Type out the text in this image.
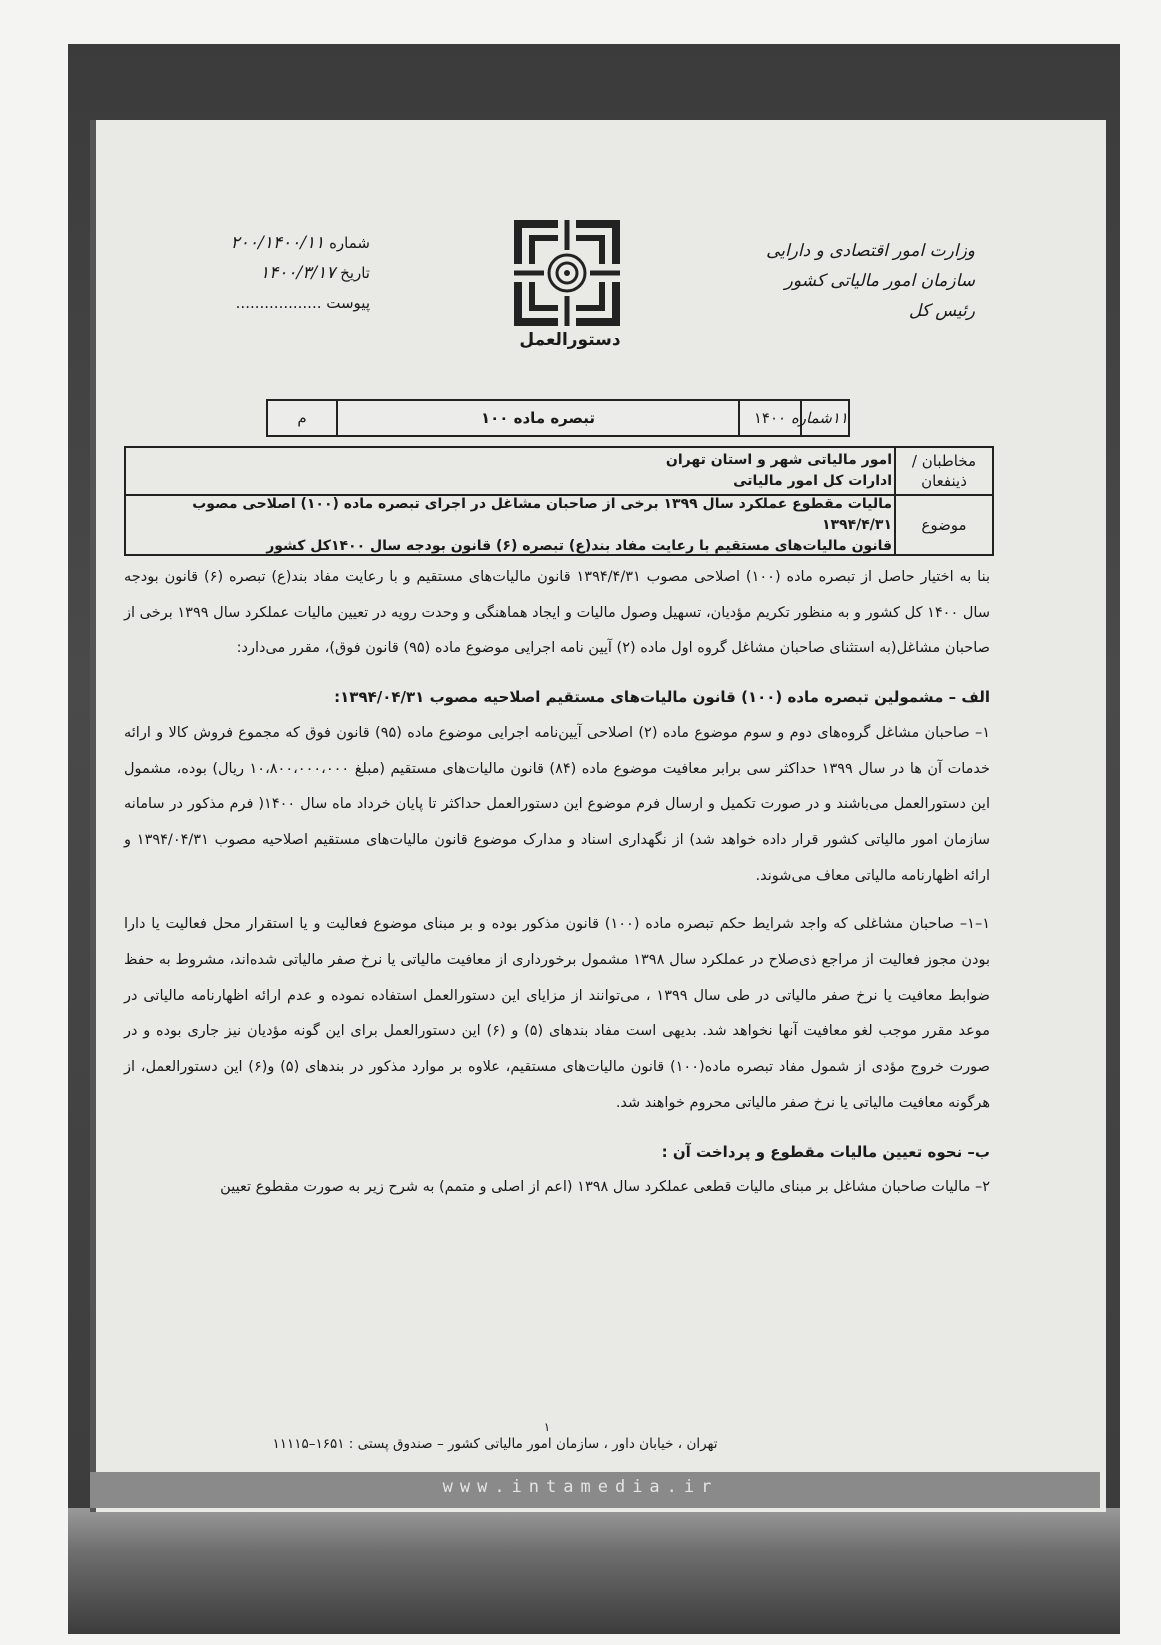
وزارت امور اقتصادی و دارایی
سازمان امور مالیاتی کشور
رئیس کل
دستورالعمل
شماره ۲۰۰/۱۴۰۰/۱۱
تاریخ ۱۴۰۰/۳/۱۷
پیوست ..................
م	تبصره ماده ۱۰۰	۱۴۰۰ ۱۱شماره
مخاطبان /
ذینفعان
امور مالیاتی شهر و استان تهران
ادارات کل امور مالیاتی
موضوع
مالیات مقطوع عملکرد سال ۱۳۹۹ برخی از صاحبان مشاغل در اجرای تبصره ماده (۱۰۰) اصلاحی مصوب ۱۳۹۴/۴/۳۱
قانون مالیات‌های مستقیم با رعایت مفاد بند(ع) تبصره (۶) قانون بودجه سال ۱۴۰۰کل کشور

بنا به اختیار حاصل از تبصره ماده (۱۰۰) اصلاحی مصوب ۱۳۹۴/۴/۳۱ قانون مالیات‌های مستقیم و با رعایت مفاد بند(ع) تبصره (۶) قانون بودجه سال ۱۴۰۰ کل کشور و به منظور تکریم مؤدیان، تسهیل وصول مالیات و ایجاد هماهنگی و وحدت رویه در تعیین مالیات عملکرد سال ۱۳۹۹ برخی از صاحبان مشاغل(به استثنای صاحبان مشاغل گروه اول ماده (۲) آیین نامه اجرایی موضوع ماده (۹۵) قانون فوق)، مقرر می‌دارد:

الف – مشمولین تبصره ماده (۱۰۰) قانون مالیات‌های مستقیم اصلاحیه مصوب ۱۳۹۴/۰۴/۳۱:

۱– صاحبان مشاغل گروه‌های دوم و سوم موضوع ماده (۲) اصلاحی آیین‌نامه اجرایی موضوع ماده (۹۵) قانون فوق که مجموع فروش کالا و ارائه خدمات آن ها در سال ۱۳۹۹ حداکثر سی برابر معافیت موضوع ماده (۸۴) قانون مالیات‌های مستقیم (مبلغ ۱۰،۸۰۰،۰۰۰،۰۰۰ ریال) بوده، مشمول این دستورالعمل می‌باشند و در صورت تکمیل و ارسال فرم موضوع این دستورالعمل حداکثر تا پایان خرداد ماه سال ۱۴۰۰( فرم مذکور در سامانه سازمان امور مالیاتی کشور قرار داده خواهد شد) از نگهداری اسناد و مدارک موضوع قانون مالیات‌های مستقیم اصلاحیه مصوب ۱۳۹۴/۰۴/۳۱ و ارائه اظهارنامه مالیاتی معاف می‌شوند.

۱–۱– صاحبان مشاغلی که واجد شرایط حکم تبصره ماده (۱۰۰) قانون مذکور بوده و بر مبنای موضوع فعالیت و یا استقرار محل فعالیت یا دارا بودن مجوز فعالیت از مراجع ذی‌صلاح در عملکرد سال ۱۳۹۸ مشمول برخورداری از معافیت مالیاتی یا نرخ صفر مالیاتی شده‌اند، مشروط به حفظ ضوابط معافیت یا نرخ صفر مالیاتی در طی سال ۱۳۹۹ ، می‌توانند از مزایای این دستورالعمل استفاده نموده و عدم ارائه اظهارنامه مالیاتی در موعد مقرر موجب لغو معافیت آنها نخواهد شد. بدیهی است مفاد بندهای (۵) و (۶) این دستورالعمل برای این گونه مؤدیان نیز جاری بوده و در صورت خروج مؤدی از شمول مفاد تبصره ماده(۱۰۰) قانون مالیات‌های مستقیم، علاوه بر موارد مذکور در بندهای (۵) و(۶) این دستورالعمل، از هرگونه معافیت مالیاتی یا نرخ صفر مالیاتی محروم خواهند شد.

ب– نحوه تعیین مالیات مقطوع و پرداخت آن :

۲– مالیات صاحبان مشاغل بر مبنای مالیات قطعی عملکرد سال ۱۳۹۸ (اعم از اصلی و متمم) به شرح زیر به صورت مقطوع تعیین

۱
تهران ، خیابان داور ، سازمان امور مالیاتی کشور – صندوق پستی : ۱۶۵۱–۱۱۱۱۵
www.intamedia.ir
